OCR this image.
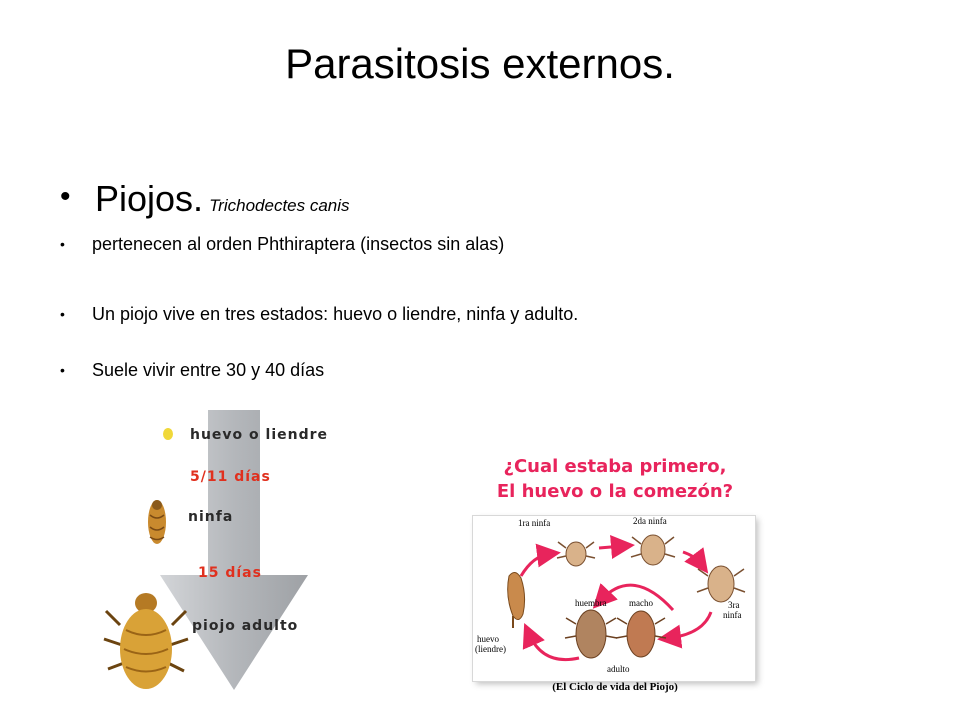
Parasitosis externos.
• Piojos. Trichodectes canis
• pertenecen al orden Phthiraptera (insectos sin alas)
• Un piojo vive en tres estados: huevo o liendre, ninfa y adulto.
• Suele vivir entre 30 y 40 días
huevo o liendre
5/11 días
ninfa
15 días
piojo adulto
¿Cual estaba primero,
El huevo o la comezón?
1ra ninfa	2da ninfa
3ra
ninfa
huevo
(liendre)
huembra	macho
adulto
(El Ciclo de vida del Piojo)
